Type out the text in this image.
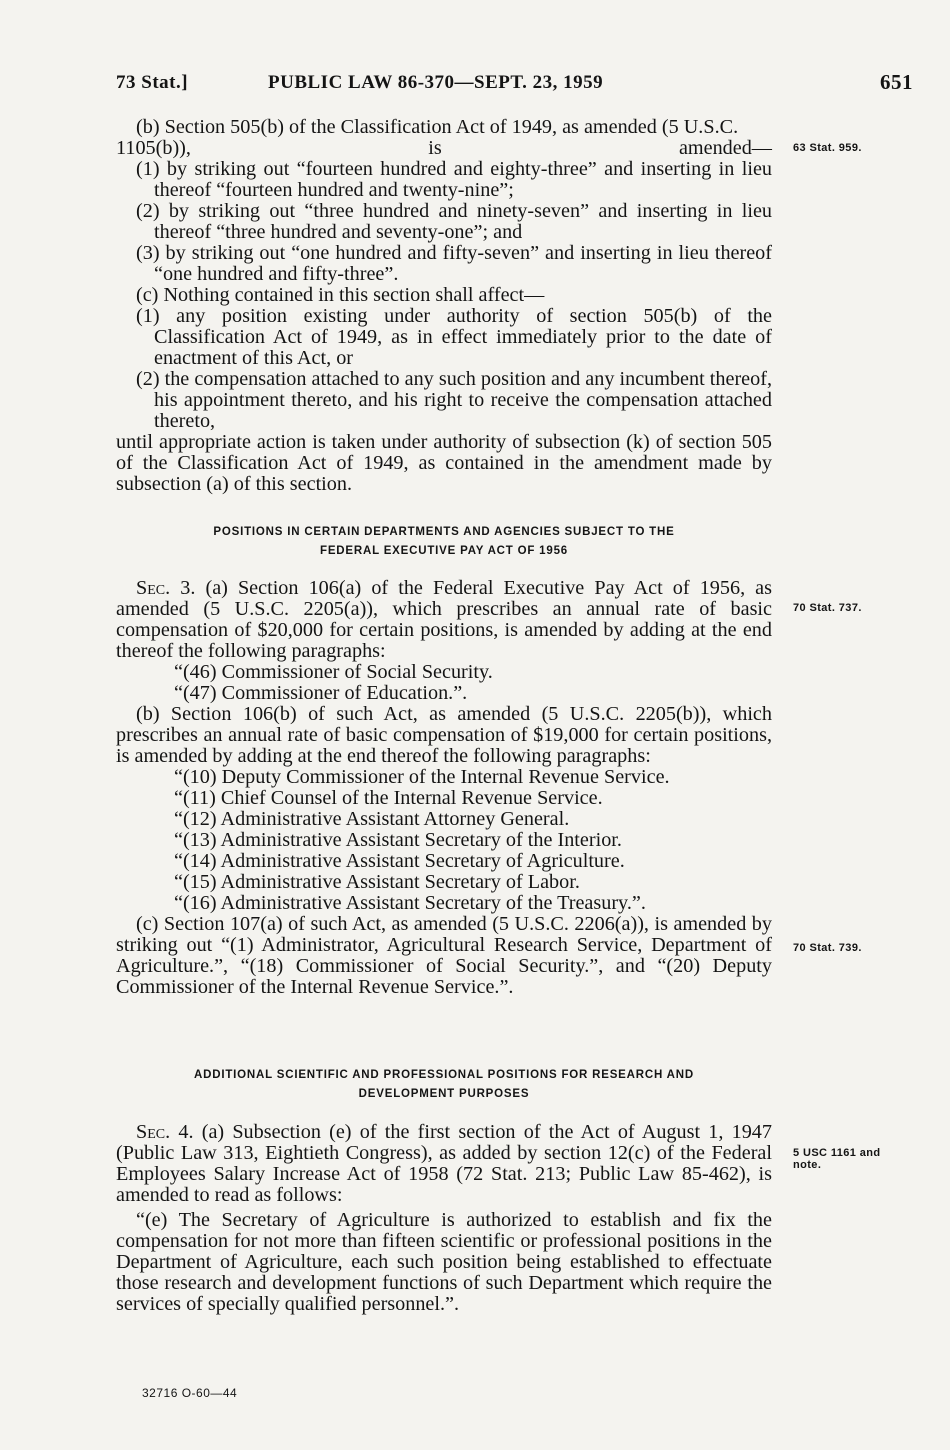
73 Stat.]	PUBLIC LAW 86-370—SEPT. 23, 1959	651
63 Stat. 959.
70 Stat. 737.
70 Stat. 739.
5 USC 1161 and
note.

(b) Section 505(b) of the Classification Act of 1949, as amended (5 U.S.C. 1105(b)), is amended—

(1) by striking out “fourteen hundred and eighty-three” and inserting in lieu thereof “fourteen hundred and twenty-nine”;

(2) by striking out “three hundred and ninety-seven” and inserting in lieu thereof “three hundred and seventy-one”; and

(3) by striking out “one hundred and fifty-seven” and inserting in lieu thereof “one hundred and fifty-three”.

(c) Nothing contained in this section shall affect—

(1) any position existing under authority of section 505(b) of the Classification Act of 1949, as in effect immediately prior to the date of enactment of this Act, or

(2) the compensation attached to any such position and any incumbent thereof, his appointment thereto, and his right to receive the compensation attached thereto,

until appropriate action is taken under authority of subsection (k) of section 505 of the Classification Act of 1949, as contained in the amendment made by subsection (a) of this section.

POSITIONS IN CERTAIN DEPARTMENTS AND AGENCIES SUBJECT TO THE
FEDERAL EXECUTIVE PAY ACT OF 1956

Sec. 3. (a) Section 106(a) of the Federal Executive Pay Act of 1956, as amended (5 U.S.C. 2205(a)), which prescribes an annual rate of basic compensation of $20,000 for certain positions, is amended by adding at the end thereof the following paragraphs:

“(46) Commissioner of Social Security.

“(47) Commissioner of Education.”.

(b) Section 106(b) of such Act, as amended (5 U.S.C. 2205(b)), which prescribes an annual rate of basic compensation of $19,000 for certain positions, is amended by adding at the end thereof the following paragraphs:

“(10) Deputy Commissioner of the Internal Revenue Service.

“(11) Chief Counsel of the Internal Revenue Service.

“(12) Administrative Assistant Attorney General.

“(13) Administrative Assistant Secretary of the Interior.

“(14) Administrative Assistant Secretary of Agriculture.

“(15) Administrative Assistant Secretary of Labor.

“(16) Administrative Assistant Secretary of the Treasury.”.

(c) Section 107(a) of such Act, as amended (5 U.S.C. 2206(a)), is amended by striking out “(1) Administrator, Agricultural Research Service, Department of Agriculture.”, “(18) Commissioner of Social Security.”, and “(20) Deputy Commissioner of the Internal Revenue Service.”.

ADDITIONAL SCIENTIFIC AND PROFESSIONAL POSITIONS FOR RESEARCH AND
DEVELOPMENT PURPOSES

Sec. 4. (a) Subsection (e) of the first section of the Act of August 1, 1947 (Public Law 313, Eightieth Congress), as added by section 12(c) of the Federal Employees Salary Increase Act of 1958 (72 Stat. 213; Public Law 85-462), is amended to read as follows:

“(e) The Secretary of Agriculture is authorized to establish and fix the compensation for not more than fifteen scientific or professional positions in the Department of Agriculture, each such position being established to effectuate those research and development functions of such Department which require the services of specially qualified personnel.”.

32716 O-60—44
